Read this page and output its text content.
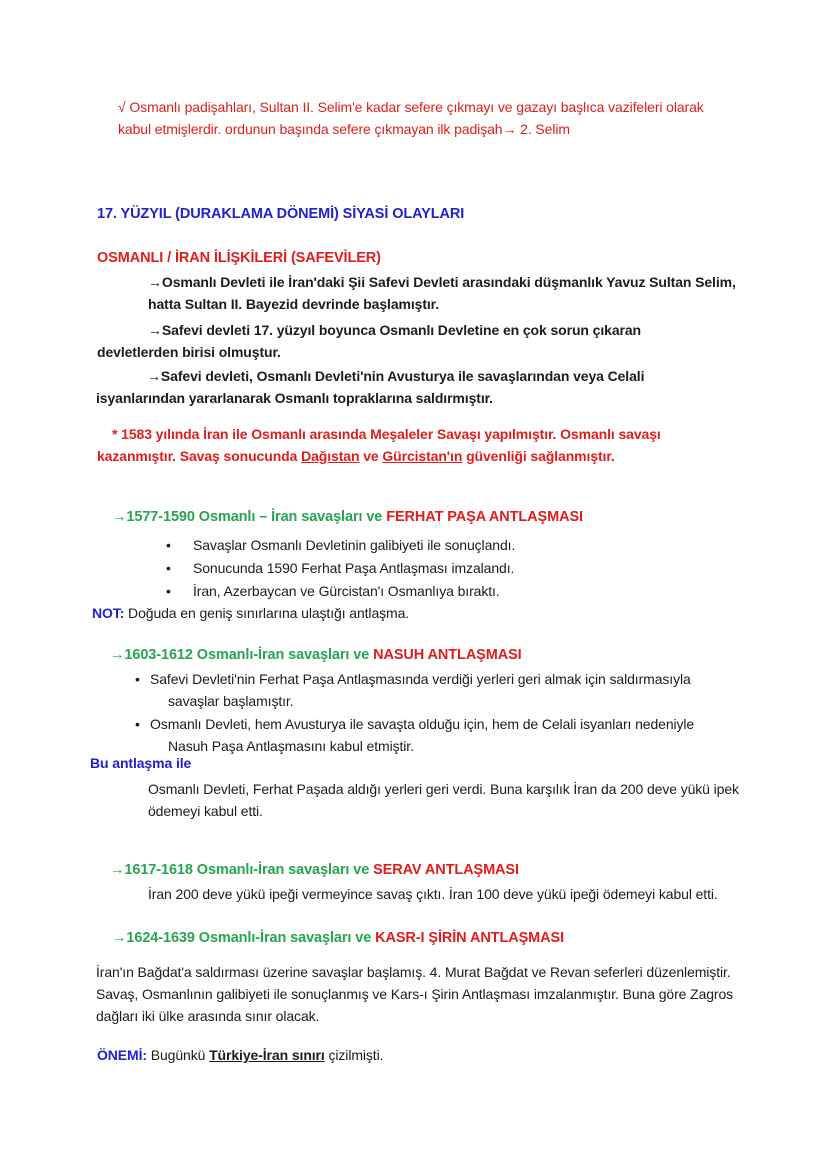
√ Osmanlı padişahları, Sultan II. Selim'e kadar sefere çıkmayı ve gazayı başlıca vazifeleri olarak kabul etmişlerdir. ordunun başında sefere çıkmayan ilk padişah→ 2. Selim

17. YÜZYIL (DURAKLAMA DÖNEMİ) SİYASİ OLAYLARI

OSMANLI / İRAN İLİŞKİLERİ (SAFEVİLER)

→Osmanlı Devleti ile İran'daki Şii Safevi Devleti arasındaki düşmanlık Yavuz Sultan Selim, hatta Sultan II. Bayezid devrinde başlamıştır.

→Safevi devleti 17. yüzyıl boyunca Osmanlı Devletine en çok sorun çıkaran devletlerden birisi olmuştur.

→Safevi devleti, Osmanlı Devleti'nin Avusturya ile savaşlarından veya Celali isyanlarından yararlanarak Osmanlı topraklarına saldırmıştır.

* 1583 yılında İran ile Osmanlı arasında Meşaleler Savaşı yapılmıştır. Osmanlı savaşı kazanmıştır. Savaş sonucunda Dağıstan ve Gürcistan'ın güvenliği sağlanmıştır.

→1577-1590 Osmanlı – İran savaşları ve FERHAT PAŞA ANTLAŞMASI

•
Savaşlar Osmanlı Devletinin galibiyeti ile sonuçlandı.
•
Sonucunda 1590 Ferhat Paşa Antlaşması imzalandı.
•
İran, Azerbaycan ve Gürcistan'ı Osmanlıya bıraktı.

NOT: Doğuda en geniş sınırlarına ulaştığı antlaşma.

→1603-1612 Osmanlı-İran savaşları ve NASUH ANTLAŞMASI

•
Safevi Devleti'nin Ferhat Paşa Antlaşmasında verdiği yerleri geri almak için saldırmasıyla savaşlar başlamıştır.
•
Osmanlı Devleti, hem Avusturya ile savaşta olduğu için, hem de Celali isyanları nedeniyle Nasuh Paşa Antlaşmasını kabul etmiştir.

Bu antlaşma ile

Osmanlı Devleti, Ferhat Paşada aldığı yerleri geri verdi. Buna karşılık İran da 200 deve yükü ipek ödemeyi kabul etti.

→1617-1618 Osmanlı-İran savaşları ve SERAV ANTLAŞMASI

İran 200 deve yükü ipeği vermeyince savaş çıktı. İran 100 deve yükü ipeği ödemeyi kabul etti.

→1624-1639 Osmanlı-İran savaşları ve KASR-I ŞİRİN ANTLAŞMASI

İran'ın Bağdat'a saldırması üzerine savaşlar başlamış. 4. Murat Bağdat ve Revan seferleri düzenlemiştir. Savaş, Osmanlının galibiyeti ile sonuçlanmış ve Kars-ı Şirin Antlaşması imzalanmıştır. Buna göre Zagros dağları iki ülke arasında sınır olacak.

ÖNEMİ: Bugünkü Türkiye-İran sınırı çizilmişti.
